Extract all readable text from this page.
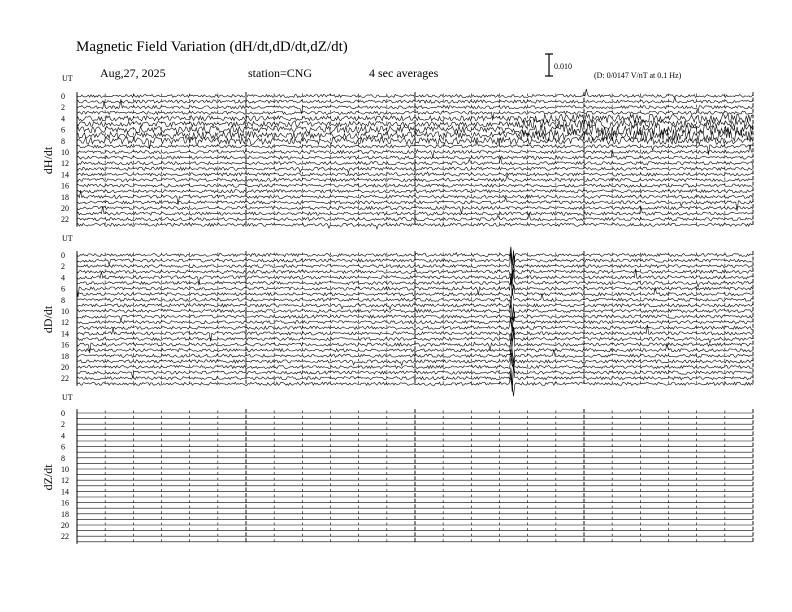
Magnetic Field Variation (dH/dt,dD/dt,dZ/dt)
Aug,27, 2025	station=CNG	4 sec averages	0.010
(D: 0/0147 V/nT at 0.1 Hz)
UT
UT
UT
dH/dt
0
2
4
6
8
10
12
14
16
18
20
22
dD/dt
0
2
4
6
8
10
12
14
16
18
20
22
dZ/dt
0
2
4
6
8
10
12
14
16
18
20
22
